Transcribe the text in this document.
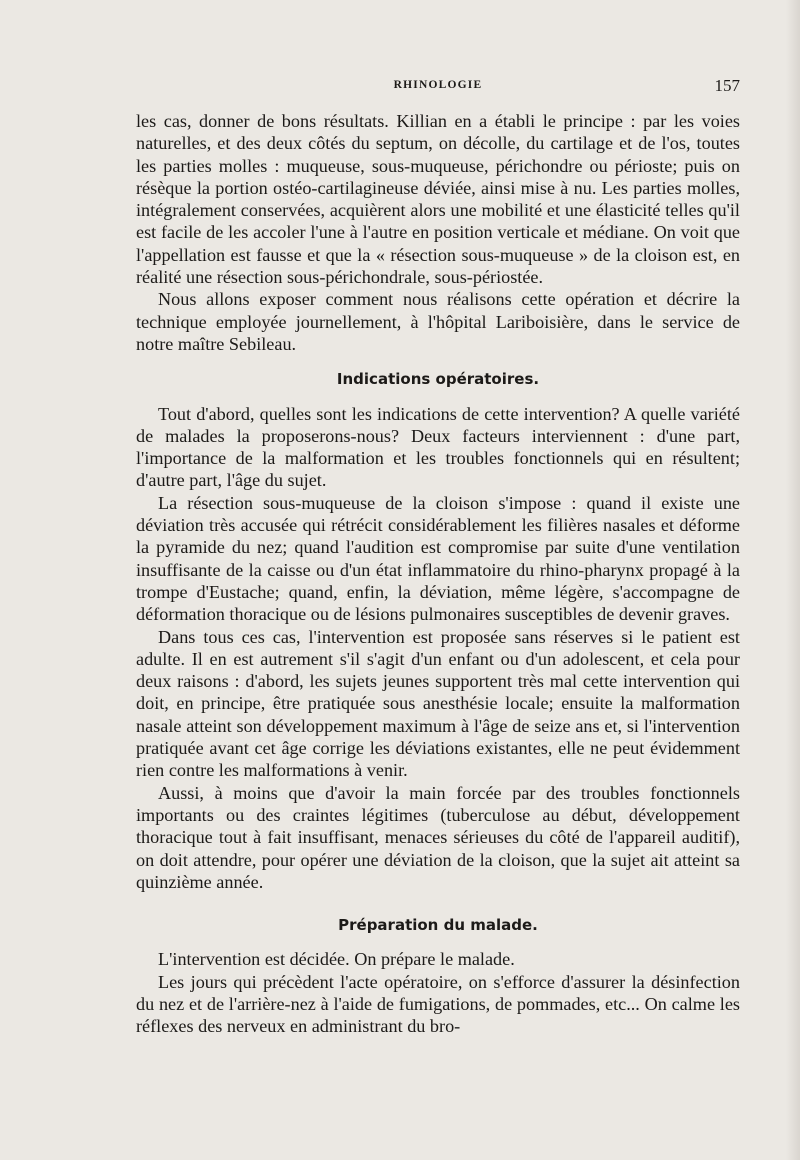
RHINOLOGIE	157

les cas, donner de bons résultats. Killian en a établi le principe : par les voies naturelles, et des deux côtés du septum, on décolle, du cartilage et de l'os, toutes les parties molles : muqueuse, sous-muqueuse, périchondre ou périoste; puis on résèque la portion ostéo-cartilagineuse déviée, ainsi mise à nu. Les parties molles, intégralement conservées, acquièrent alors une mobilité et une élasticité telles qu'il est facile de les accoler l'une à l'autre en position verticale et médiane. On voit que l'appellation est fausse et que la « résection sous-muqueuse » de la cloison est, en réalité une résection sous-périchondrale, sous-périostée.

Nous allons exposer comment nous réalisons cette opération et décrire la technique employée journellement, à l'hôpital Lariboisière, dans le service de notre maître Sebileau.

Indications opératoires.

Tout d'abord, quelles sont les indications de cette intervention? A quelle variété de malades la proposerons-nous? Deux facteurs interviennent : d'une part, l'importance de la malformation et les troubles fonctionnels qui en résultent; d'autre part, l'âge du sujet.

La résection sous-muqueuse de la cloison s'impose : quand il existe une déviation très accusée qui rétrécit considérablement les filières nasales et déforme la pyramide du nez; quand l'audition est compromise par suite d'une ventilation insuffisante de la caisse ou d'un état inflammatoire du rhino-pharynx propagé à la trompe d'Eustache; quand, enfin, la déviation, même légère, s'accompagne de déformation thoracique ou de lésions pulmonaires susceptibles de devenir graves.

Dans tous ces cas, l'intervention est proposée sans réserves si le patient est adulte. Il en est autrement s'il s'agit d'un enfant ou d'un adolescent, et cela pour deux raisons : d'abord, les sujets jeunes supportent très mal cette intervention qui doit, en principe, être pratiquée sous anesthésie locale; ensuite la malformation nasale atteint son développement maximum à l'âge de seize ans et, si l'intervention pratiquée avant cet âge corrige les déviations existantes, elle ne peut évidemment rien contre les malformations à venir.

Aussi, à moins que d'avoir la main forcée par des troubles fonctionnels importants ou des craintes légitimes (tuberculose au début, développement thoracique tout à fait insuffisant, menaces sérieuses du côté de l'appareil auditif), on doit attendre, pour opérer une déviation de la cloison, que la sujet ait atteint sa quinzième année.

Préparation du malade.

L'intervention est décidée. On prépare le malade.

Les jours qui précèdent l'acte opératoire, on s'efforce d'assurer la désinfection du nez et de l'arrière-nez à l'aide de fumigations, de pommades, etc... On calme les réflexes des nerveux en administrant du bro-
